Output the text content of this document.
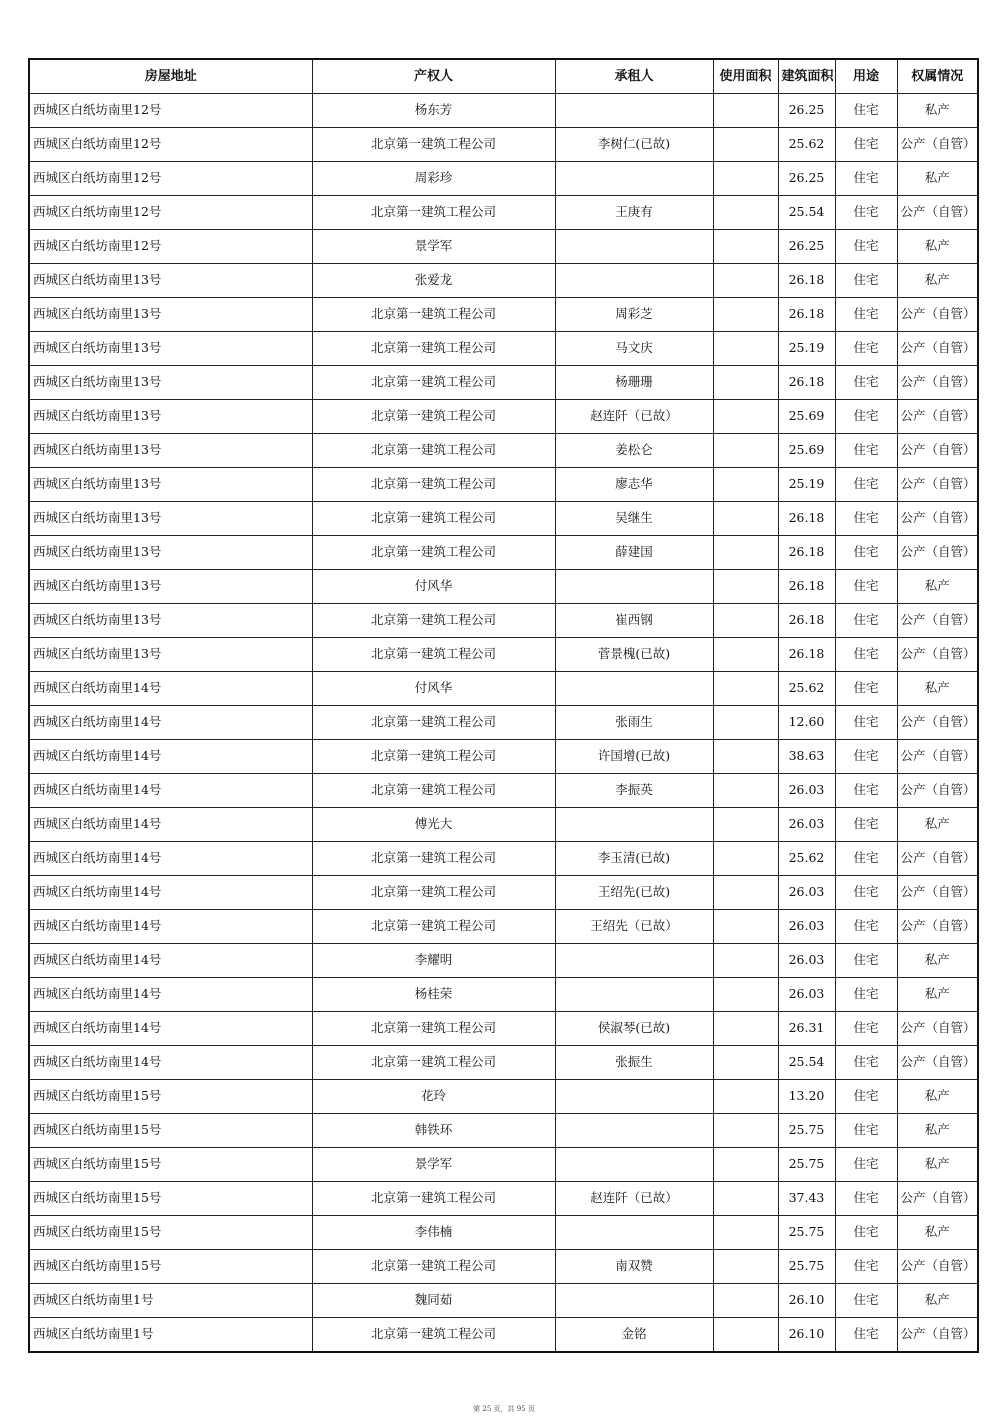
房屋地址	产权人	承租人	使用面积	建筑面积	用途	权属情况
西城区白纸坊南里12号	杨东芳			26.25	住宅	私产
西城区白纸坊南里12号	北京第一建筑工程公司	李树仁(已故)		25.62	住宅	公产（自管）
西城区白纸坊南里12号	周彩珍			26.25	住宅	私产
西城区白纸坊南里12号	北京第一建筑工程公司	王庚有		25.54	住宅	公产（自管）
西城区白纸坊南里12号	景学军			26.25	住宅	私产
西城区白纸坊南里13号	张爱龙			26.18	住宅	私产
西城区白纸坊南里13号	北京第一建筑工程公司	周彩芝		26.18	住宅	公产（自管）
西城区白纸坊南里13号	北京第一建筑工程公司	马文庆		25.19	住宅	公产（自管）
西城区白纸坊南里13号	北京第一建筑工程公司	杨珊珊		26.18	住宅	公产（自管）
西城区白纸坊南里13号	北京第一建筑工程公司	赵连阡（已故）		25.69	住宅	公产（自管）
西城区白纸坊南里13号	北京第一建筑工程公司	姜松仑		25.69	住宅	公产（自管）
西城区白纸坊南里13号	北京第一建筑工程公司	廖志华		25.19	住宅	公产（自管）
西城区白纸坊南里13号	北京第一建筑工程公司	吴继生		26.18	住宅	公产（自管）
西城区白纸坊南里13号	北京第一建筑工程公司	薛建国		26.18	住宅	公产（自管）
西城区白纸坊南里13号	付风华			26.18	住宅	私产
西城区白纸坊南里13号	北京第一建筑工程公司	崔西钢		26.18	住宅	公产（自管）
西城区白纸坊南里13号	北京第一建筑工程公司	菅景槐(已故)		26.18	住宅	公产（自管）
西城区白纸坊南里14号	付风华			25.62	住宅	私产
西城区白纸坊南里14号	北京第一建筑工程公司	张雨生		12.60	住宅	公产（自管）
西城区白纸坊南里14号	北京第一建筑工程公司	许国增(已故)		38.63	住宅	公产（自管）
西城区白纸坊南里14号	北京第一建筑工程公司	李振英		26.03	住宅	公产（自管）
西城区白纸坊南里14号	傅光大			26.03	住宅	私产
西城区白纸坊南里14号	北京第一建筑工程公司	李玉清(已故)		25.62	住宅	公产（自管）
西城区白纸坊南里14号	北京第一建筑工程公司	王绍先(已故)		26.03	住宅	公产（自管）
西城区白纸坊南里14号	北京第一建筑工程公司	王绍先（已故）		26.03	住宅	公产（自管）
西城区白纸坊南里14号	李耀明			26.03	住宅	私产
西城区白纸坊南里14号	杨桂荣			26.03	住宅	私产
西城区白纸坊南里14号	北京第一建筑工程公司	侯淑琴(已故)		26.31	住宅	公产（自管）
西城区白纸坊南里14号	北京第一建筑工程公司	张振生		25.54	住宅	公产（自管）
西城区白纸坊南里15号	花玲			13.20	住宅	私产
西城区白纸坊南里15号	韩铁环			25.75	住宅	私产
西城区白纸坊南里15号	景学军			25.75	住宅	私产
西城区白纸坊南里15号	北京第一建筑工程公司	赵连阡（已故）		37.43	住宅	公产（自管）
西城区白纸坊南里15号	李伟楠			25.75	住宅	私产
西城区白纸坊南里15号	北京第一建筑工程公司	南双赞		25.75	住宅	公产（自管）
西城区白纸坊南里1号	魏同茹			26.10	住宅	私产
西城区白纸坊南里1号	北京第一建筑工程公司	金铭		26.10	住宅	公产（自管）
第 25 页，共 95 页
